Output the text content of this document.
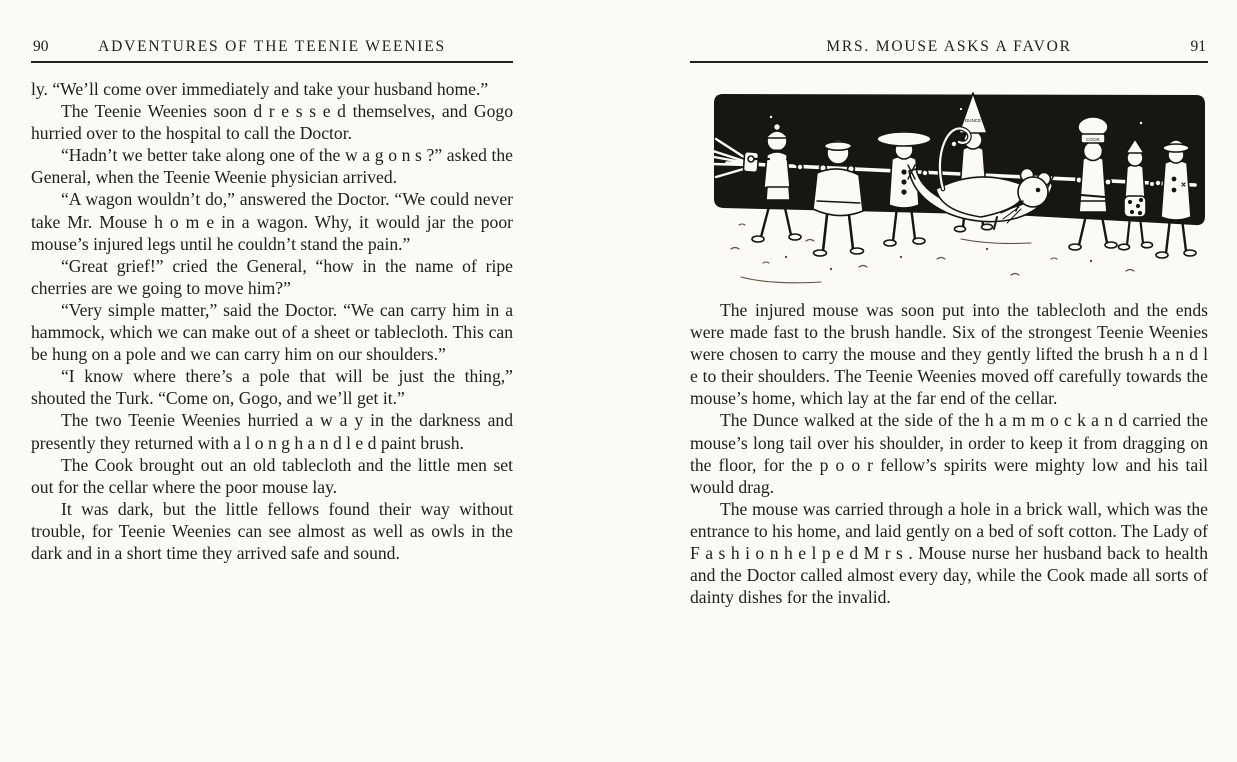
90	ADVENTURES OF THE TEENIE WEENIES

ly. “We’ll come over immediately and take your husband home.”

The Teenie Weenies soon d r e s s e d themselves, and Gogo hurried over to the hospital to call the Doctor.

“Hadn’t we better take along one of the w a g o n s ?” asked the General, when the Teenie Weenie physician arrived.

“A wagon wouldn’t do,” answered the Doctor. “We could never take Mr. Mouse h o m e in a wagon. Why, it would jar the poor mouse’s injured legs until he couldn’t stand the pain.”

“Great grief!” cried the General, “how in the name of ripe cherries are we going to move him?”

“Very simple matter,” said the Doctor. “We can carry him in a hammock, which we can make out of a sheet or tablecloth. This can be hung on a pole and we can carry him on our shoulders.”

“I know where there’s a pole that will be just the thing,” shouted the Turk. “Come on, Gogo, and we’ll get it.”

The two Teenie Weenies hurried a w a y in the darkness and presently they returned with a l o n g h a n d l e d paint brush.

The Cook brought out an old tablecloth and the little men set out for the cellar where the poor mouse lay.

It was dark, but the little fellows found their way without trouble, for Teenie Weenies can see almost as well as owls in the dark and in a short time they arrived safe and sound.

91
MRS. MOUSE ASKS A FAVOR
DUNCE
COOK

The injured mouse was soon put into the tablecloth and the ends were made fast to the brush handle. Six of the strongest Teenie Weenies were chosen to carry the mouse and they gently lifted the brush h a n d l e to their shoulders. The Teenie Weenies moved off carefully towards the mouse’s home, which lay at the far end of the cellar.

The Dunce walked at the side of the h a m m o c k a n d carried the mouse’s long tail over his shoulder, in order to keep it from dragging on the floor, for the p o o r fellow’s spirits were mighty low and his tail would drag.

The mouse was carried through a hole in a brick wall, which was the entrance to his home, and laid gently on a bed of soft cotton. The Lady of F a s h i o n h e l p e d M r s . Mouse nurse her husband back to health and the Doctor called almost every day, while the Cook made all sorts of dainty dishes for the invalid.
